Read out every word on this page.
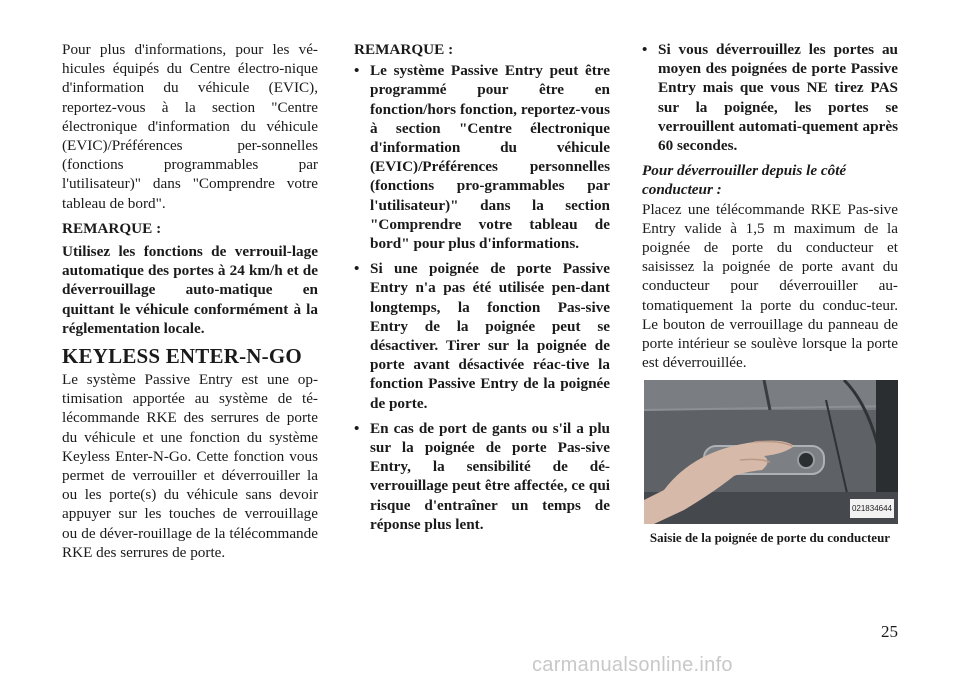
Pour plus d'informations, pour les vé-hicules équipés du Centre électro-nique d'information du véhicule (EVIC), reportez-vous à la section "Centre électronique d'information du véhicule (EVIC)/Préférences per-sonnelles (fonctions programmables par l'utilisateur)" dans "Comprendre votre tableau de bord".

REMARQUE :

Utilisez les fonctions de verrouil-lage automatique des portes à 24 km/h et de déverrouillage auto-matique en quittant le véhicule conformément à la réglementation locale.

KEYLESS ENTER-N-GO

Le système Passive Entry est une op-timisation apportée au système de té-lécommande RKE des serrures de porte du véhicule et une fonction du système Keyless Enter-N-Go. Cette fonction vous permet de verrouiller et déverrouiller la ou les porte(s) du véhicule sans devoir appuyer sur les touches de verrouillage ou de déver-rouillage de la télécommande RKE des serrures de porte.

REMARQUE :

• Le système Passive Entry peut être programmé pour être en fonction/hors fonction, reportez-vous à section "Centre électronique d'information du véhicule (EVIC)/Préférences personnelles (fonctions pro-grammables par l'utilisateur)" dans la section "Comprendre votre tableau de bord" pour plus d'informations.
• Si une poignée de porte Passive Entry n'a pas été utilisée pen-dant longtemps, la fonction Pas-sive Entry de la poignée peut se désactiver. Tirer sur la poignée de porte avant désactivée réac-tive la fonction Passive Entry de la poignée de porte.
• En cas de port de gants ou s'il a plu sur la poignée de porte Pas-sive Entry, la sensibilité de dé-verrouillage peut être affectée, ce qui risque d'entraîner un temps de réponse plus lent.
• Si vous déverrouillez les portes au moyen des poignées de porte Passive Entry mais que vous NE tirez PAS sur la poignée, les portes se verrouillent automati-quement après 60 secondes.

Pour déverrouiller depuis le côté conducteur :

Placez une télécommande RKE Pas-sive Entry valide à 1,5 m maximum de la poignée de porte du conducteur et saisissez la poignée de porte avant du conducteur pour déverrouiller au-tomatiquement la porte du conduc-teur. Le bouton de verrouillage du panneau de porte intérieur se soulève lorsque la porte est déverrouillée.

021834644
Saisie de la poignée de porte du conducteur
25
carmanualsonline.info
